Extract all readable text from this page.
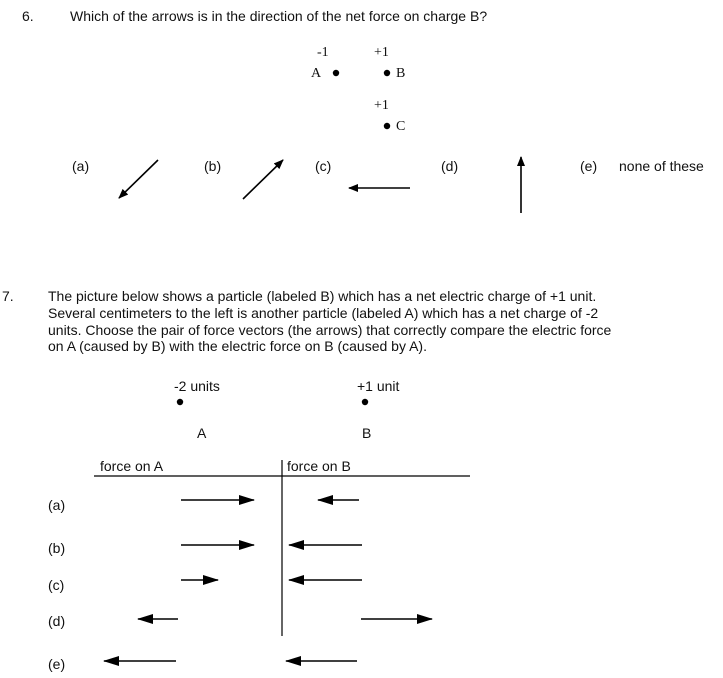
6.	Which of the arrows is in the direction of the net force on charge B?
-1
A
+1
B
+1
C
(a)	(b)	(c)	(d)	(e) none of these
7. The picture below shows a particle (labeled B) which has a net electric charge of +1 unit. Several centimeters to the left is another particle (labeled A) which has a net charge of -2 units. Choose the pair of force vectors (the arrows) that correctly compare the electric force on A (caused by B) with the electric force on B (caused by A).
-2 units
A
+1 unit
B
force on A	force on B
(a)
(b)
(c)
(d)
(e)
